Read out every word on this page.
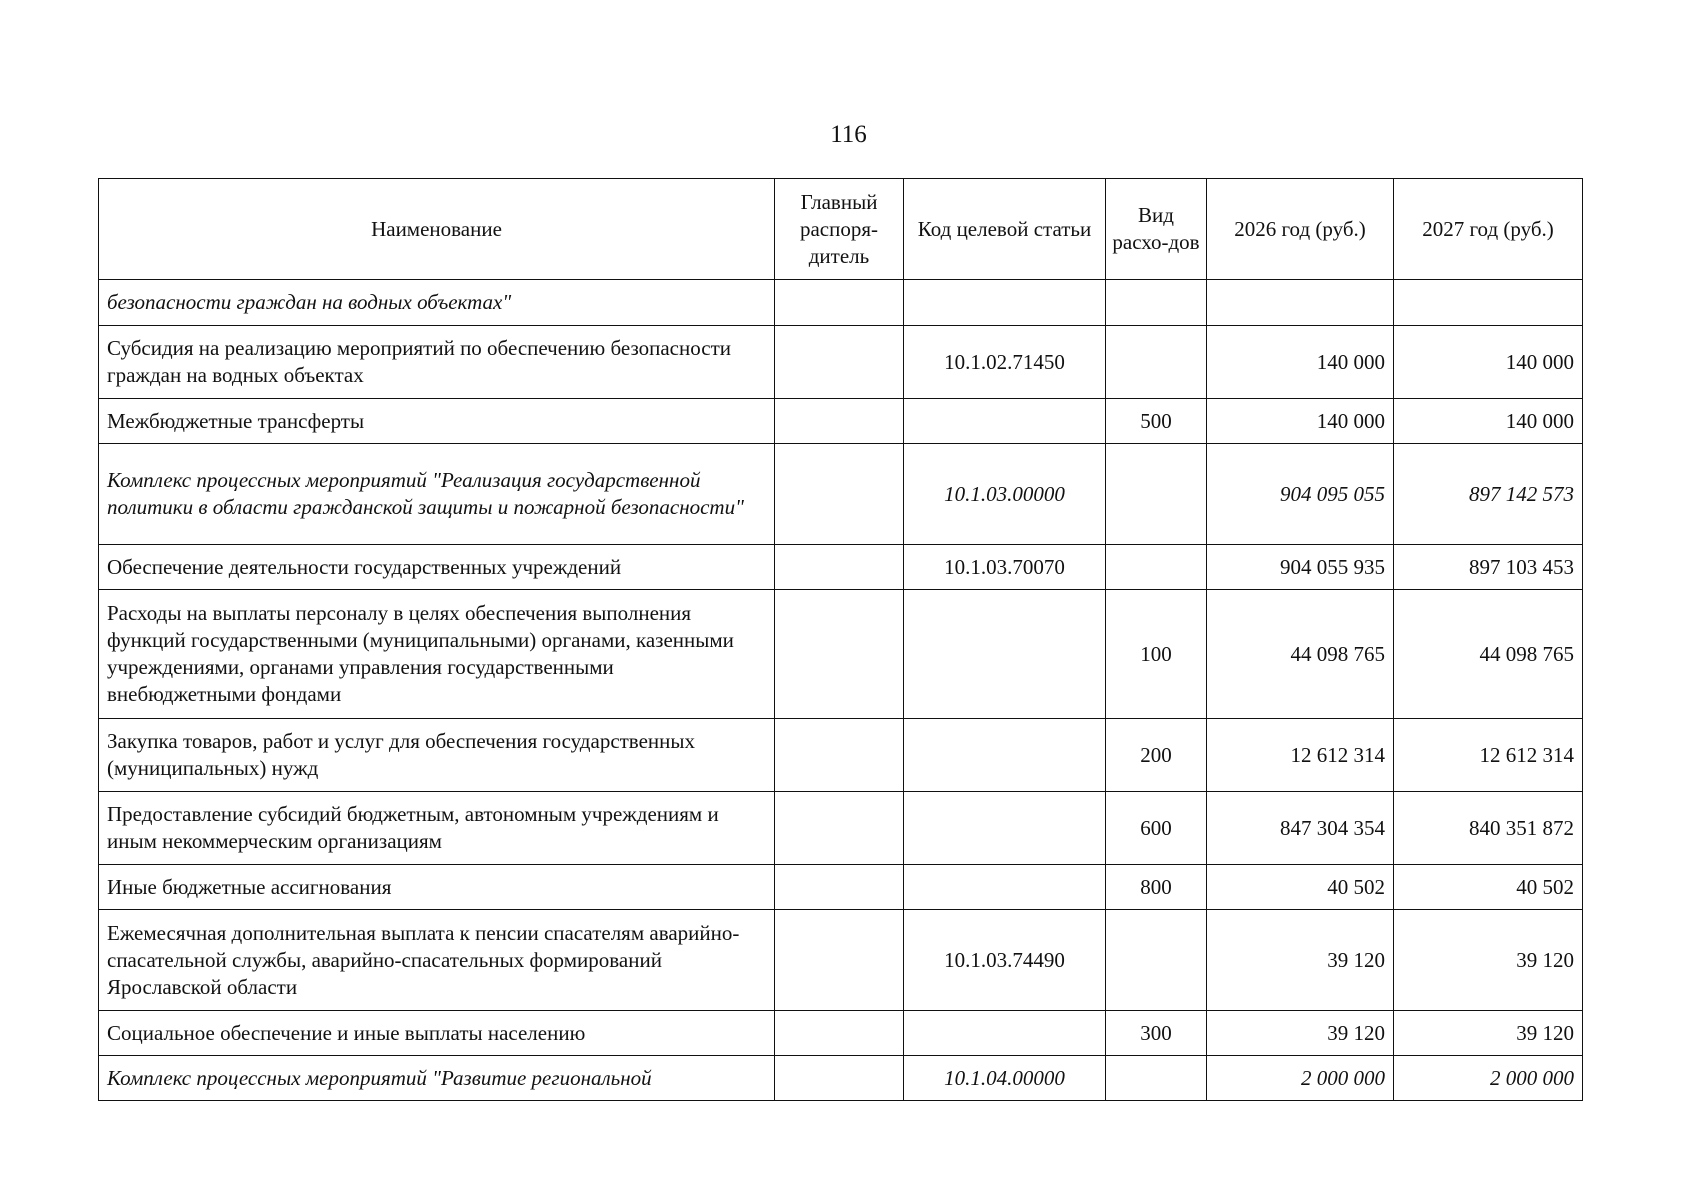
116
Наименование	Главный распоря-дитель	Код целевой статьи	Вид расхо-дов	2026 год (руб.)	2027 год (руб.)
безопасности граждан на водных объектах"					
Субсидия на реализацию мероприятий по обеспечению безопасности граждан на водных объектах		10.1.02.71450		140 000	140 000
Межбюджетные трансферты			500	140 000	140 000
Комплекс процессных мероприятий "Реализация государственной политики в области гражданской защиты и пожарной безопасности"		10.1.03.00000		904 095 055	897 142 573
Обеспечение деятельности государственных учреждений		10.1.03.70070		904 055 935	897 103 453
Расходы на выплаты персоналу в целях обеспечения выполнения функций государственными (муниципальными) органами, казенными учреждениями, органами управления государственными внебюджетными фондами			100	44 098 765	44 098 765
Закупка товаров, работ и услуг для обеспечения государственных (муниципальных) нужд			200	12 612 314	12 612 314
Предоставление субсидий бюджетным, автономным учреждениям и иным некоммерческим организациям			600	847 304 354	840 351 872
Иные бюджетные ассигнования			800	40 502	40 502
Ежемесячная дополнительная выплата к пенсии спасателям аварийно-спасательной службы, аварийно-спасательных формирований Ярославской области		10.1.03.74490		39 120	39 120
Социальное обеспечение и иные выплаты населению			300	39 120	39 120
Комплекс процессных мероприятий "Развитие региональной		10.1.04.00000		2 000 000	2 000 000
